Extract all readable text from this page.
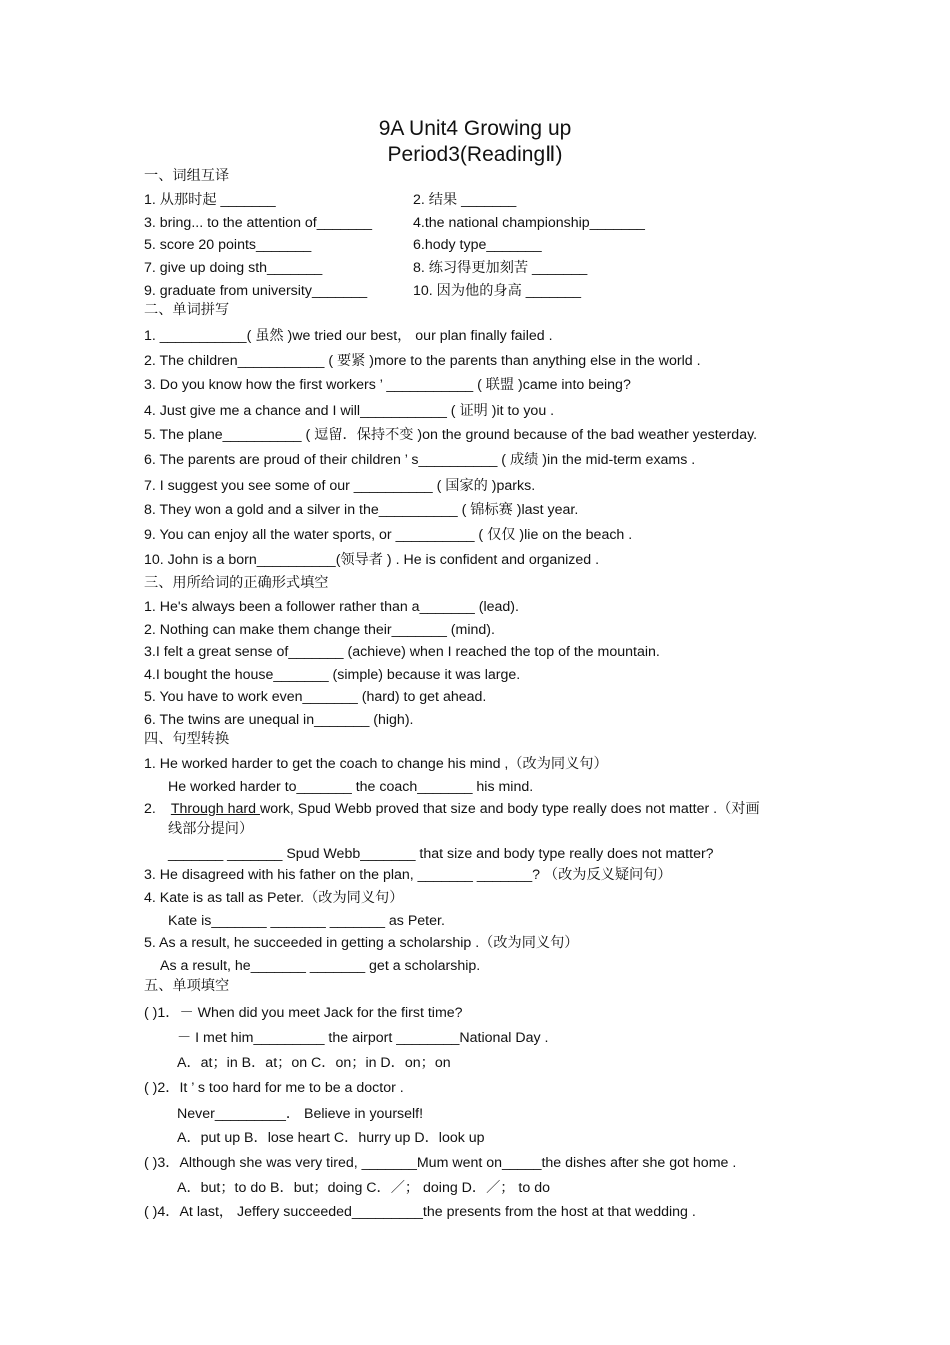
9A Unit4 Growing up
Period3(ReadingⅡ)
一、词组互译
1. 从那时起 _______	2. 结果 _______
3. bring... to the attention of_______	4.the national championship_______
5. score 20 points_______	6.hody type_______
7. give up doing sth_______	8. 练习得更加刻苦 _______
9. graduate from university_______	10. 因为他的身高 _______
二、单词拼写
1. ___________( 虽然 )we tried our best， our plan finally failed .
2. The children___________ ( 要紧 )more to the parents than anything else in the world .
3. Do you know how the first workers ’ ___________ ( 联盟 )came into being?
4. Just give me a chance and I will___________ ( 证明 )it to you .
5. The plane__________ ( 逗留．保持不变 )on the ground because of the bad weather yesterday.
6. The parents are proud of their children ’ s__________ ( 成绩 )in the mid-term exams .
7. I suggest you see some of our __________ ( 国家的 )parks.
8. They won a gold and a silver in the__________ ( 锦标赛 )last year.
9. You can enjoy all the water sports, or __________ ( 仅仅 )lie on the beach .
10. John is a born__________(领导者 ) . He is confident and organized .
三、用所给词的正确形式填空
1. He's always been a follower rather than a_______ (lead).
2. Nothing can make them change their_______ (mind).
3.I felt a great sense of_______ (achieve) when I reached the top of the mountain.
4.I bought the house_______ (simple) because it was large.
5. You have to work even_______ (hard) to get ahead.
6. The twins are unequal in_______ (high).
四、句型转换
1. He worked harder to get the coach to change his mind ,（改为同义句）
He worked harder to_______ the coach_______ his mind.
2. Through hard work, Spud Webb proved that size and body type really does not matter .（对画
线部分提问）
_______ _______ Spud Webb_______ that size and body type really does not matter?
3. He disagreed with his father on the plan, _______ _______? （改为反义疑问句）
4. Kate is as tall as Peter.（改为同义句）
Kate is_______ _______ _______ as Peter.
5. As a result, he succeeded in getting a scholarship .（改为同义句）
As a result, he_______ _______ get a scholarship.
五、单项填空
( )1．－ When did you meet Jack for the first time?
－ I met him_________ the airport ________National Day .
A．at；in B．at；on C．on；in D．on；on
( )2．It ’ s too hard for me to be a doctor .
Never_________． Believe in yourself!
A．put up B．lose heart C．hurry up D．look up
( )3．Although she was very tired, _______Mum went on_____the dishes after she got home .
A．but；to do B．but；doing C．／； doing D．／； to do
( )4．At last， Jeffery succeeded_________the presents from the host at that wedding .
